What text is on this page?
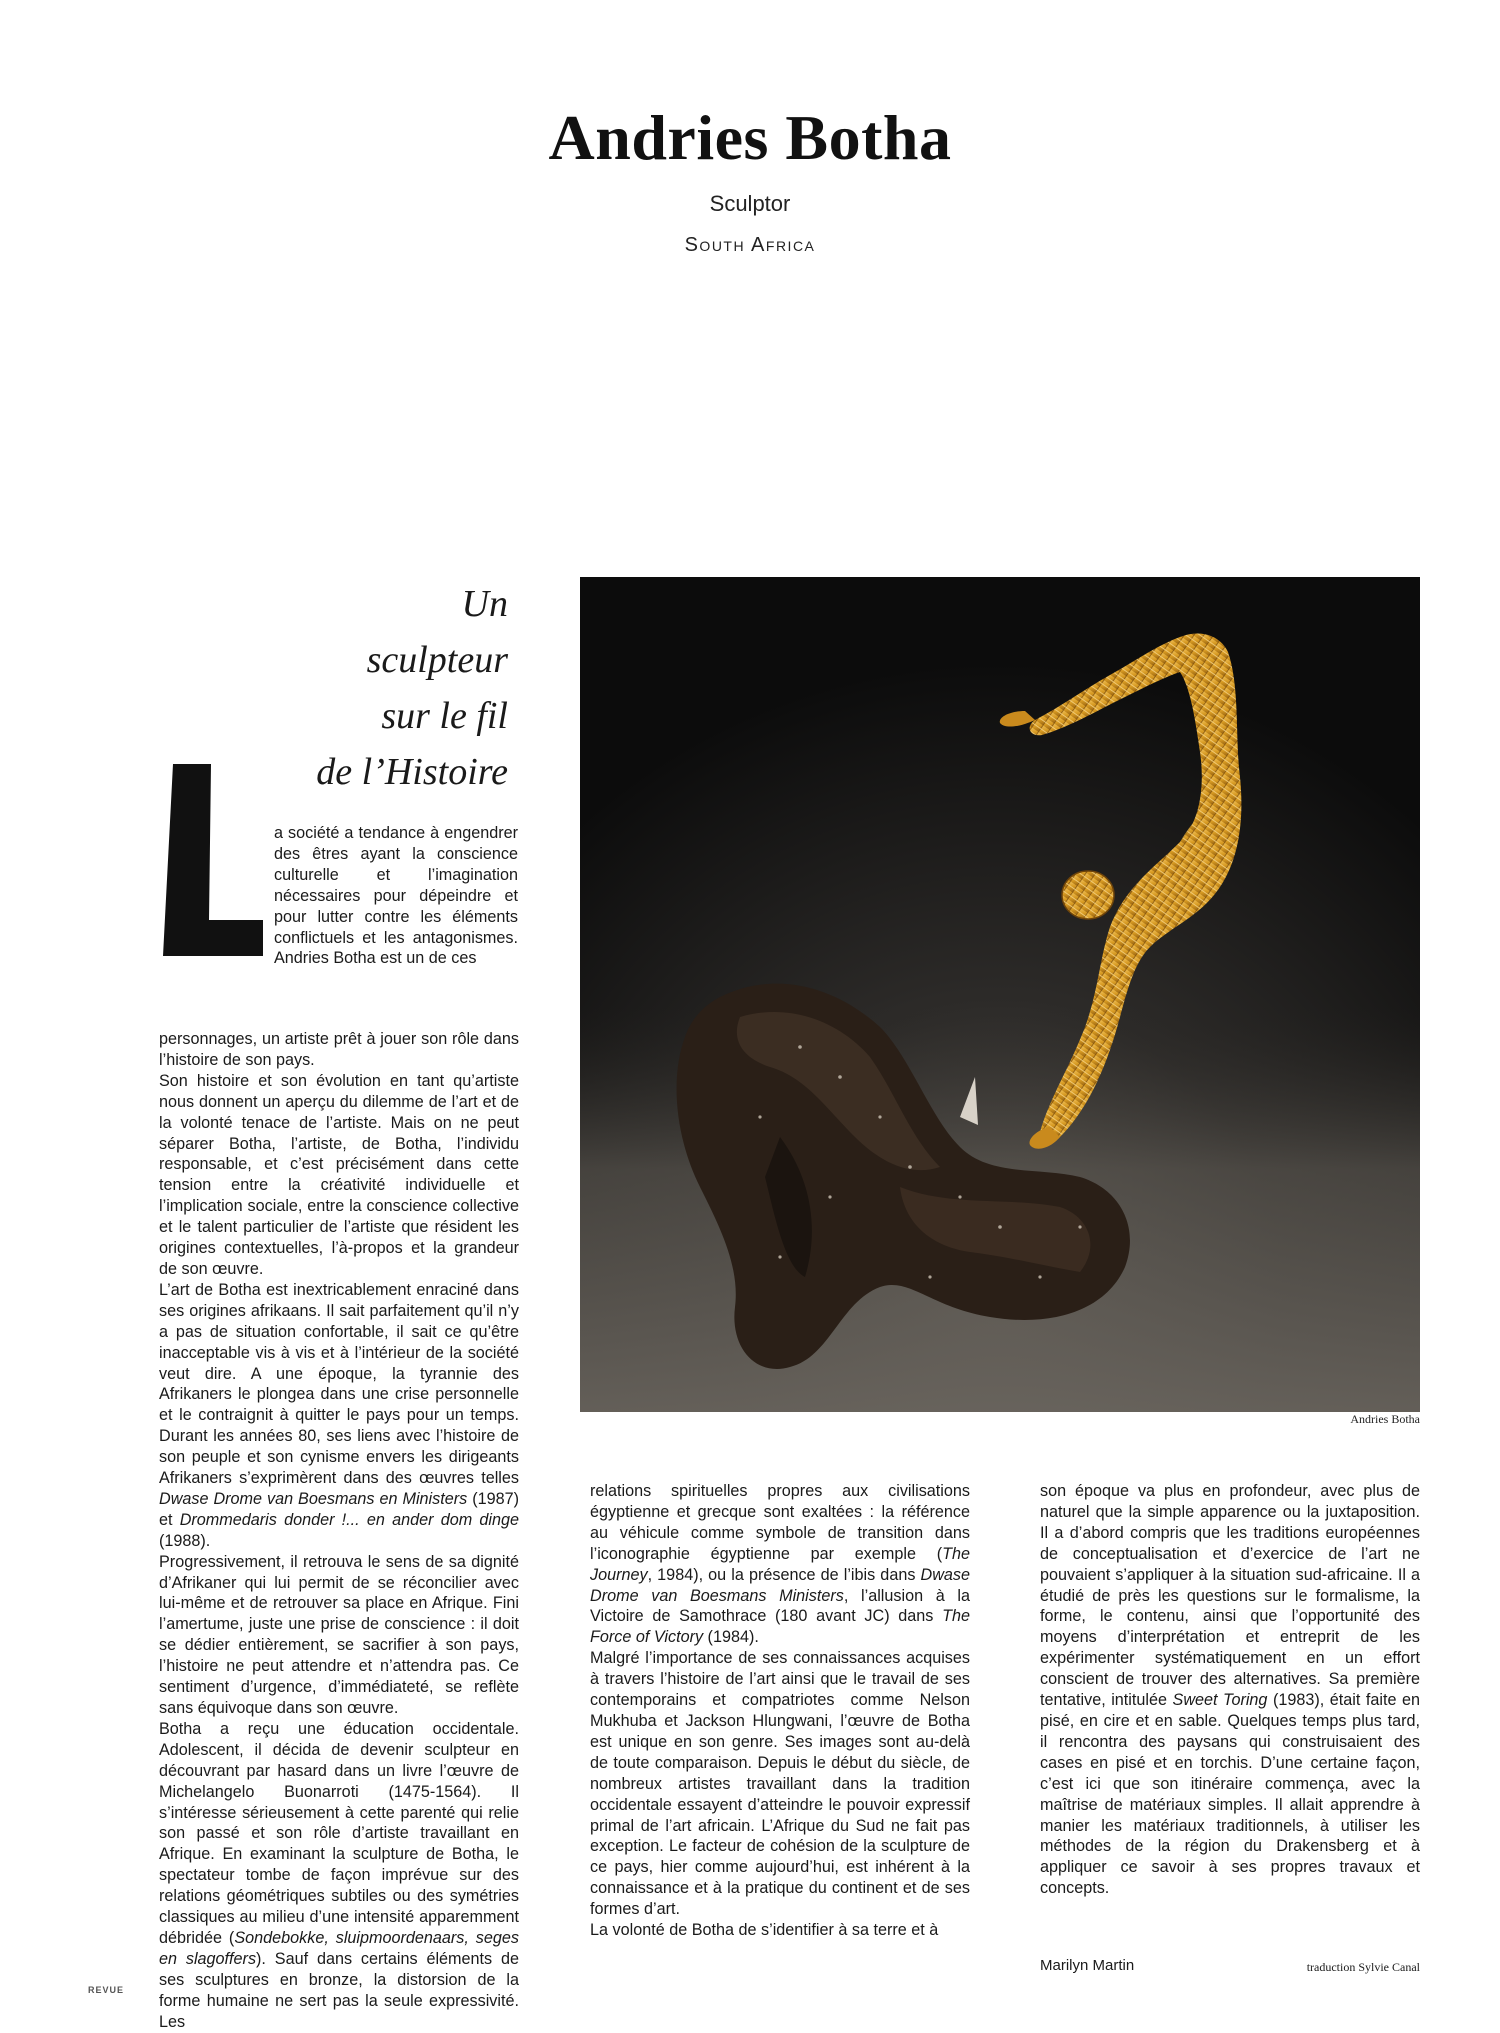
Andries Botha
Sculptor
South Africa
Un
sculpteur
sur le fil
de l’Histoire
L
a société a tendance à engendrer des êtres ayant la conscience culturelle et l’imagination nécessaires pour dépeindre et pour lutter contre les éléments conflictuels et les antagonismes. Andries Botha est un de ces

personnages, un artiste prêt à jouer son rôle dans l’histoire de son pays.

Son histoire et son évolution en tant qu’artiste nous donnent un aperçu du dilemme de l’art et de la volonté tenace de l’artiste. Mais on ne peut séparer Botha, l’artiste, de Botha, l’individu responsable, et c’est précisément dans cette tension entre la créativité individuelle et l’implication sociale, entre la conscience collective et le talent particulier de l’artiste que résident les origines contextuelles, l’à-propos et la grandeur de son œuvre.

L’art de Botha est inextricablement enraciné dans ses origines afrikaans. Il sait parfaitement qu’il n’y a pas de situation confortable, il sait ce qu’être inacceptable vis à vis et à l’intérieur de la société veut dire. A une époque, la tyrannie des Afrikaners le plongea dans une crise personnelle et le contraignit à quitter le pays pour un temps. Durant les années 80, ses liens avec l’histoire de son peuple et son cynisme envers les dirigeants Afrikaners s’exprimèrent dans des œuvres telles Dwase Drome van Boesmans en Ministers (1987) et Drommedaris donder !... en ander dom dinge (1988).

Progressivement, il retrouva le sens de sa dignité d’Afrikaner qui lui permit de se réconcilier avec lui-même et de retrouver sa place en Afrique. Fini l’amertume, juste une prise de conscience : il doit se dédier entièrement, se sacrifier à son pays, l’histoire ne peut attendre et n’attendra pas. Ce sentiment d’urgence, d’immédiateté, se reflète sans équivoque dans son œuvre.

Botha a reçu une éducation occidentale. Adolescent, il décida de devenir sculpteur en découvrant par hasard dans un livre l’œuvre de Michelangelo Buonarroti (1475-1564). Il s’intéresse sérieusement à cette parenté qui relie son passé et son rôle d’artiste travaillant en Afrique. En examinant la sculpture de Botha, le spectateur tombe de façon imprévue sur des relations géométriques subtiles ou des symétries classiques au milieu d’une intensité apparemment débridée (Sondebokke, sluipmoordenaars, seges en slagoffers). Sauf dans certains éléments de ses sculptures en bronze, la distorsion de la forme humaine ne sert pas la seule expressivité. Les

relations spirituelles propres aux civilisations égyptienne et grecque sont exaltées : la référence au véhicule comme symbole de transition dans l’iconographie égyptienne par exemple (The Journey, 1984), ou la présence de l’ibis dans Dwase Drome van Boesmans Ministers, l’allusion à la Victoire de Samothrace (180 avant JC) dans The Force of Victory (1984).

Malgré l’importance de ses connaissances acquises à travers l’histoire de l’art ainsi que le travail de ses contemporains et compatriotes comme Nelson Mukhuba et Jackson Hlungwani, l’œuvre de Botha est unique en son genre. Ses images sont au-delà de toute comparaison. Depuis le début du siècle, de nombreux artistes travaillant dans la tradition occidentale essayent d’atteindre le pouvoir expressif primal de l’art africain. L’Afrique du Sud ne fait pas exception. Le facteur de cohésion de la sculpture de ce pays, hier comme aujourd’hui, est inhérent à la connaissance et à la pratique du continent et de ses formes d’art.

La volonté de Botha de s’identifier à sa terre et à

son époque va plus en profondeur, avec plus de naturel que la simple apparence ou la juxtaposition. Il a d’abord compris que les traditions européennes de conceptualisation et d’exercice de l’art ne pouvaient s’appliquer à la situation sud-africaine. Il a étudié de près les questions sur le formalisme, la forme, le contenu, ainsi que l’opportunité des moyens d’interprétation et entreprit de les expérimenter systématiquement en un effort conscient de trouver des alternatives. Sa première tentative, intitulée Sweet Toring (1983), était faite en pisé, en cire et en sable. Quelques temps plus tard, il rencontra des paysans qui construisaient des cases en pisé et en torchis. D’une certaine façon, c’est ici que son itinéraire commença, avec la maîtrise de matériaux simples. Il allait apprendre à manier les matériaux traditionnels, à utiliser les méthodes de la région du Drakensberg et à appliquer ce savoir à ses propres travaux et concepts.

Andries Botha
Marilyn Martin	traduction Sylvie Canal
REVUE
